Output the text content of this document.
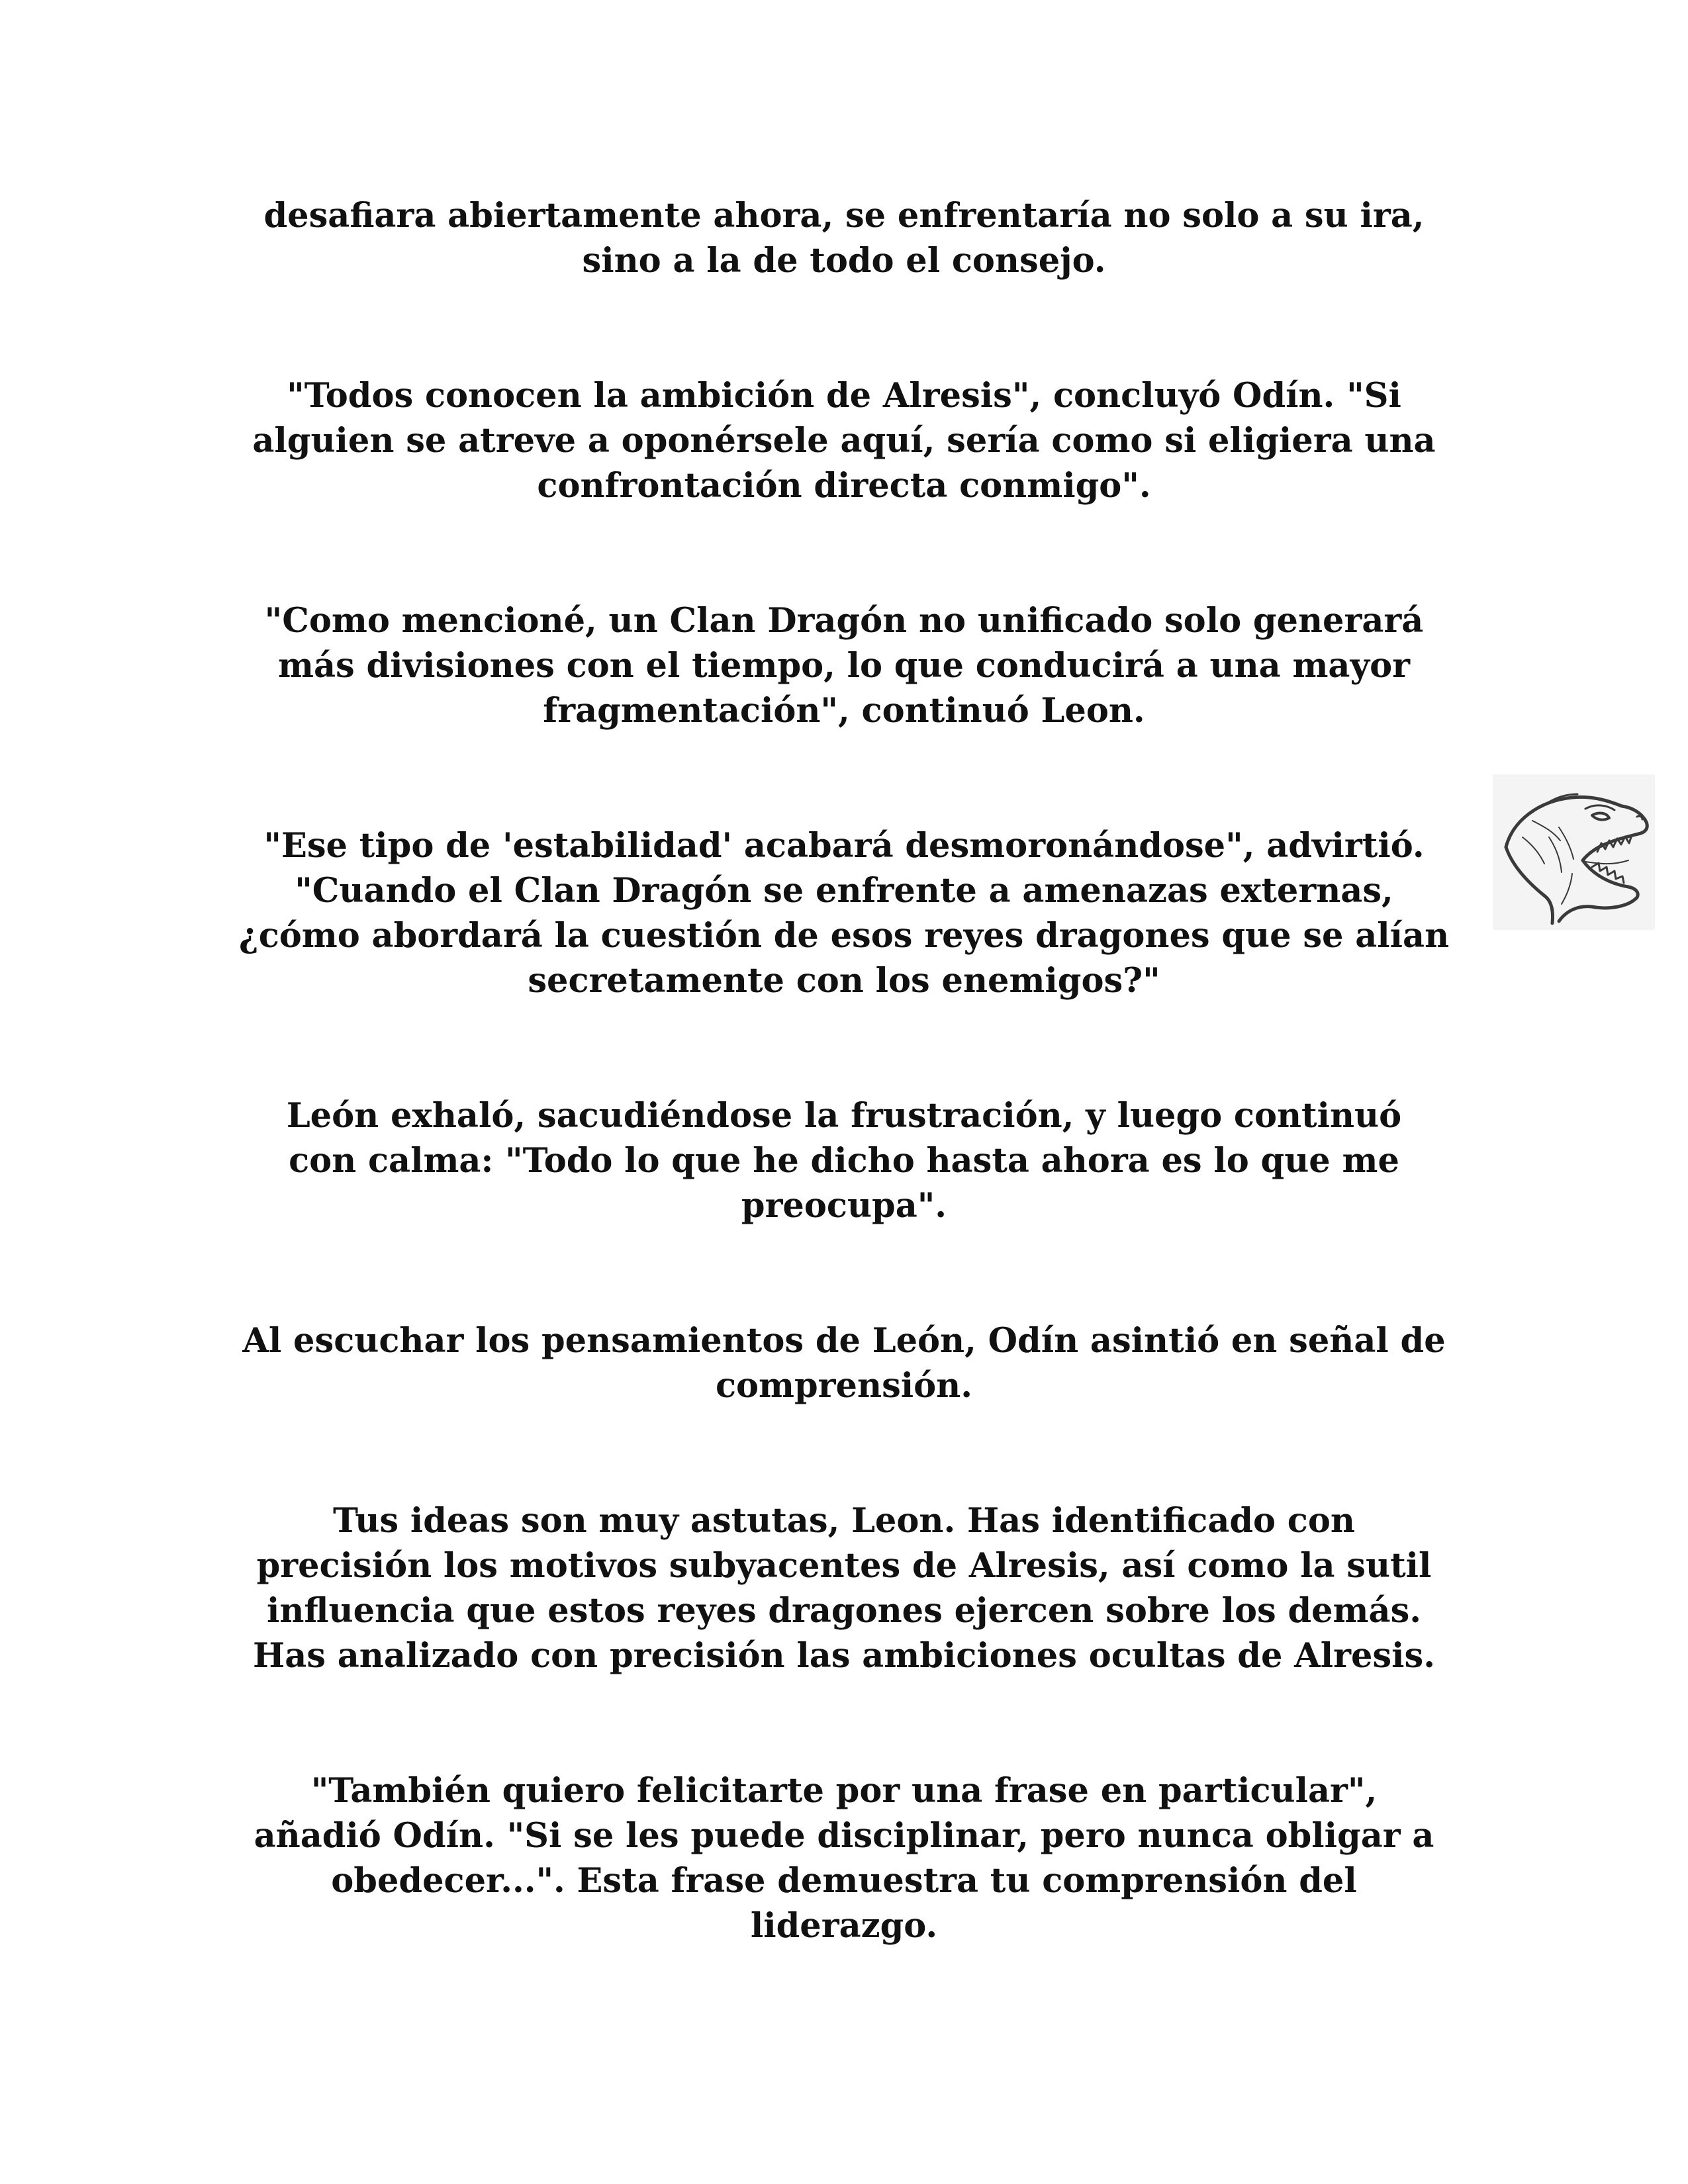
desafiara abiertamente ahora, se enfrentaría no solo a su ira,
sino a la de todo el consejo.

"Todos conocen la ambición de Alresis", concluyó Odín. "Si
alguien se atreve a oponérsele aquí, sería como si eligiera una
confrontación directa conmigo".

"Como mencioné, un Clan Dragón no unificado solo generará
más divisiones con el tiempo, lo que conducirá a una mayor
fragmentación", continuó Leon.

"Ese tipo de 'estabilidad' acabará desmoronándose", advirtió.
"Cuando el Clan Dragón se enfrente a amenazas externas,
¿cómo abordará la cuestión de esos reyes dragones que se alían
secretamente con los enemigos?"

León exhaló, sacudiéndose la frustración, y luego continuó
con calma: "Todo lo que he dicho hasta ahora es lo que me
preocupa".

Al escuchar los pensamientos de León, Odín asintió en señal de
comprensión.

Tus ideas son muy astutas, Leon. Has identificado con
precisión los motivos subyacentes de Alresis, así como la sutil
influencia que estos reyes dragones ejercen sobre los demás.
Has analizado con precisión las ambiciones ocultas de Alresis.

"También quiero felicitarte por una frase en particular",
añadió Odín. "Si se les puede disciplinar, pero nunca obligar a
obedecer...". Esta frase demuestra tu comprensión del
liderazgo.
